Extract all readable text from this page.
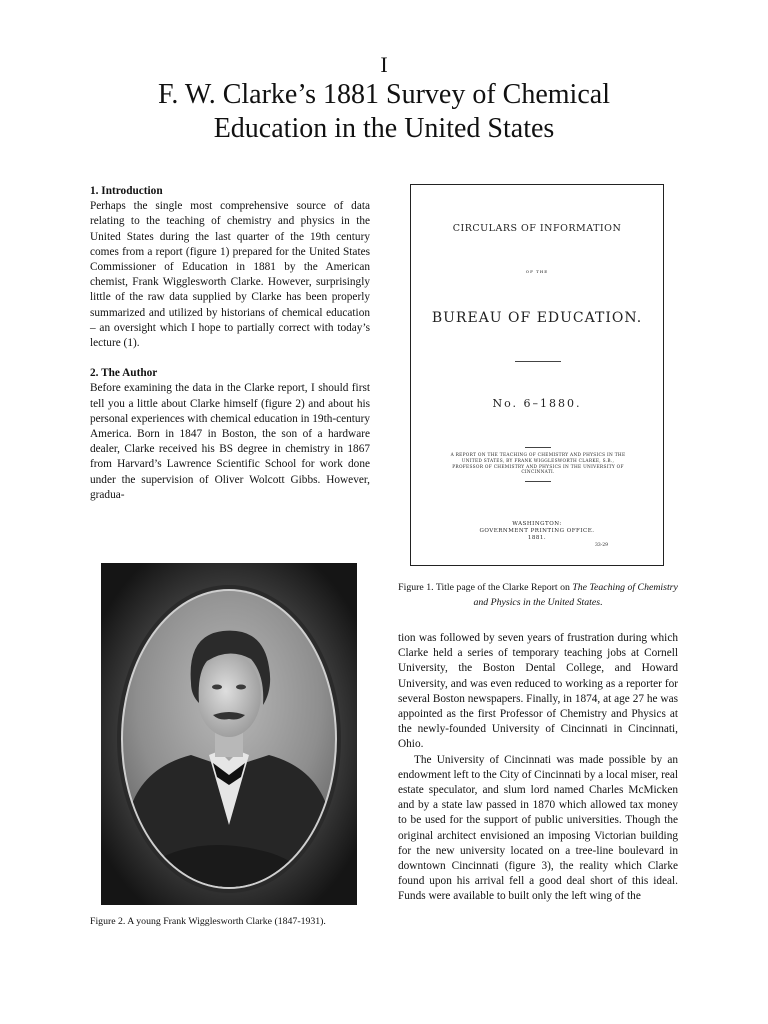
I
F. W. Clarke’s 1881 Survey of Chemical
Education in the United States

1. Introduction

Perhaps the single most comprehensive source of data relating to the teaching of chemistry and physics in the United States during the last quarter of the 19th century comes from a report (figure 1) prepared for the United States Commissioner of Education in 1881 by the American chemist, Frank Wigglesworth Clarke. However, surprisingly little of the raw data supplied by Clarke has been properly summarized and utilized by historians of chemical education – an oversight which I hope to partially correct with today’s lecture (1).

2. The Author

Before examining the data in the Clarke report, I should first tell you a little about Clarke himself (figure 2) and about his personal experiences with chemical education in 19th-century America. Born in 1847 in Boston, the son of a hardware dealer, Clarke received his BS degree in chemistry in 1867 from Harvard’s Lawrence Scientific School for work done under the supervision of Oliver Wolcott Gibbs. However, gradua-

CIRCULARS OF INFORMATION
OF THE
BUREAU OF EDUCATION.
No. 6–1880.
A REPORT ON THE TEACHING OF CHEMISTRY AND PHYSICS IN THE UNITED STATES, BY FRANK WIGGLESWORTH CLARKE, S.B., PROFESSOR OF CHEMISTRY AND PHYSICS IN THE UNIVERSITY OF CINCINNATI.
WASHINGTON:
GOVERNMENT PRINTING OFFICE.
1881.
33-29
Figure 1. Title page of the Clarke Report on The Teaching of Chemistry and Physics in the United States.
Figure 2. A young Frank Wigglesworth Clarke (1847-1931).

tion was followed by seven years of frustration during which Clarke held a series of temporary teaching jobs at Cornell University, the Boston Dental College, and Howard University, and was even reduced to working as a reporter for several Boston newspapers. Finally, in 1874, at age 27 he was appointed as the first Professor of Chemistry and Physics at the newly-founded University of Cincinnati in Cincinnati, Ohio.

The University of Cincinnati was made possible by an endowment left to the City of Cincinnati by a local miser, real estate speculator, and slum lord named Charles McMicken and by a state law passed in 1870 which allowed tax money to be used for the support of public universities. Though the original architect envisioned an imposing Victorian building for the new university located on a tree-line boulevard in downtown Cincinnati (figure 3), the reality which Clarke found upon his arrival fell a good deal short of this ideal. Funds were available to built only the left wing of the
